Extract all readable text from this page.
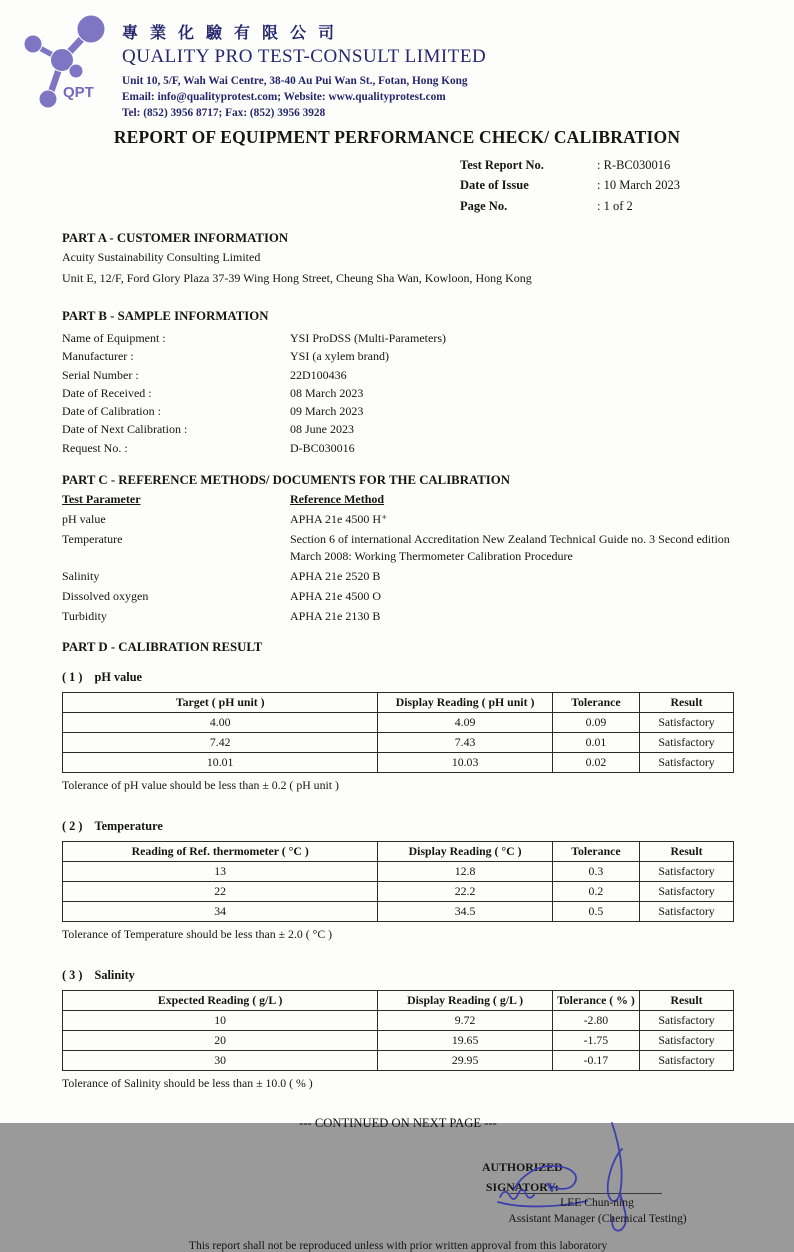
QPT
專業化驗有限公司
QUALITY PRO TEST-CONSULT LIMITED
Unit 10, 5/F, Wah Wai Centre, 38-40 Au Pui Wan St., Fotan, Hong Kong
Email: info@qualityprotest.com; Website: www.qualityprotest.com
Tel: (852) 3956 8717; Fax: (852) 3956 3928
REPORT OF EQUIPMENT PERFORMANCE CHECK/ CALIBRATION
Test Report No.	: R-BC030016
Date of Issue	: 10 March 2023
Page No.	: 1 of 2
PART A - CUSTOMER INFORMATION
Acuity Sustainability Consulting Limited
Unit E, 12/F, Ford Glory Plaza 37-39 Wing Hong Street, Cheung Sha Wan, Kowloon, Hong Kong
PART B - SAMPLE INFORMATION
Name of Equipment :	YSI ProDSS (Multi-Parameters)
Manufacturer :	YSI (a xylem brand)
Serial Number :	22D100436
Date of Received :	08 March 2023
Date of Calibration :	09 March 2023
Date of Next Calibration :	08 June 2023
Request No. :	D-BC030016
PART C - REFERENCE METHODS/ DOCUMENTS FOR THE CALIBRATION
Test Parameter	Reference Method
pH value	APHA 21e 4500 H⁺
Temperature	Section 6 of international Accreditation New Zealand Technical Guide no. 3 Second edition March 2008: Working Thermometer Calibration Procedure
Salinity	APHA 21e 2520 B
Dissolved oxygen	APHA 21e 4500 O
Turbidity	APHA 21e 2130 B
PART D - CALIBRATION RESULT
( 1 ) pH value
Target ( pH unit )	Display Reading ( pH unit )	Tolerance	Result
4.00	4.09	0.09	Satisfactory
7.42	7.43	0.01	Satisfactory
10.01	10.03	0.02	Satisfactory
Tolerance of pH value should be less than ± 0.2 ( pH unit )
( 2 ) Temperature
Reading of Ref. thermometer ( °C )	Display Reading ( °C )	Tolerance	Result
13	12.8	0.3	Satisfactory
22	22.2	0.2	Satisfactory
34	34.5	0.5	Satisfactory
Tolerance of Temperature should be less than ± 2.0 ( °C )
( 3 ) Salinity
Expected Reading ( g/L )	Display Reading ( g/L )	Tolerance ( % )	Result
10	9.72	-2.80	Satisfactory
20	19.65	-1.75	Satisfactory
30	29.95	-0.17	Satisfactory
Tolerance of Salinity should be less than ± 10.0 ( % )
--- CONTINUED ON NEXT PAGE ---
AUTHORIZED
SIGNATORY:
LEE Chun-ning
Assistant Manager (Chemical Testing)
This report shall not be reproduced unless with prior written approval from this laboratory
